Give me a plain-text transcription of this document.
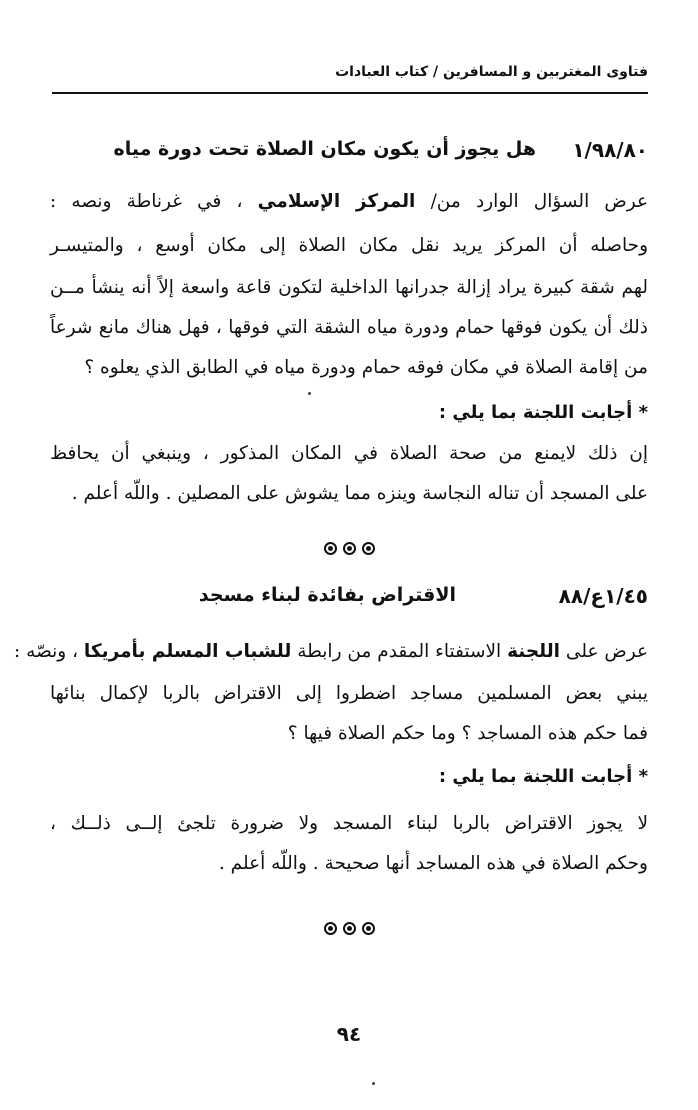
فتاوى المغتربين و المسافرين / كتاب العبادات
١/٩٨/٨٠
هل يجوز أن يكون مكان الصلاة تحت دورة مياه
عرض السؤال الوارد من/ المركز الإسلامي ، في غرناطة ونصه :
وحاصله أن المركز يريد نقل مكان الصلاة إلى مكان أوسع ، والمتيسـر
لهم شقة كبيرة يراد إزالة جدرانها الداخلية لتكون قاعة واسعة إلاً أنه ينشأ مــن
ذلك أن يكون فوقها حمام ودورة مياه الشقة التي فوقها ، فهل هناك مانع شرعاً
من إقامة الصلاة في مكان فوقه حمام ودورة مياه في الطابق الذي يعلوه ؟
* أجابت اللجنة بما يلي :
إن ذلك لايمنع من صحة الصلاة في المكان المذكور ، وينبغي أن يحافظ
على المسجد أن تناله النجاسة وينزه مما يشوش على المصلين . واللّه أعلم .
١/٤٥ع/٨٨
الاقتراض بفائدة لبناء مسجد
عرض على اللجنة الاستفتاء المقدم من رابطة للشباب المسلم بأمريكا ، ونصّه :
يبني بعض المسلمين مساجد اضطروا إلى الاقتراض بالربا لإكمال بنائها
فما حكم هذه المساجد ؟ وما حكم الصلاة فيها ؟
* أجابت اللجنة بما يلي :
لا يجوز الاقتراض بالربا لبناء المسجد ولا ضرورة تلجئ إلــى ذلــك ،
وحكم الصلاة في هذه المساجد أنها صحيحة . واللّه أعلم .
٩٤
